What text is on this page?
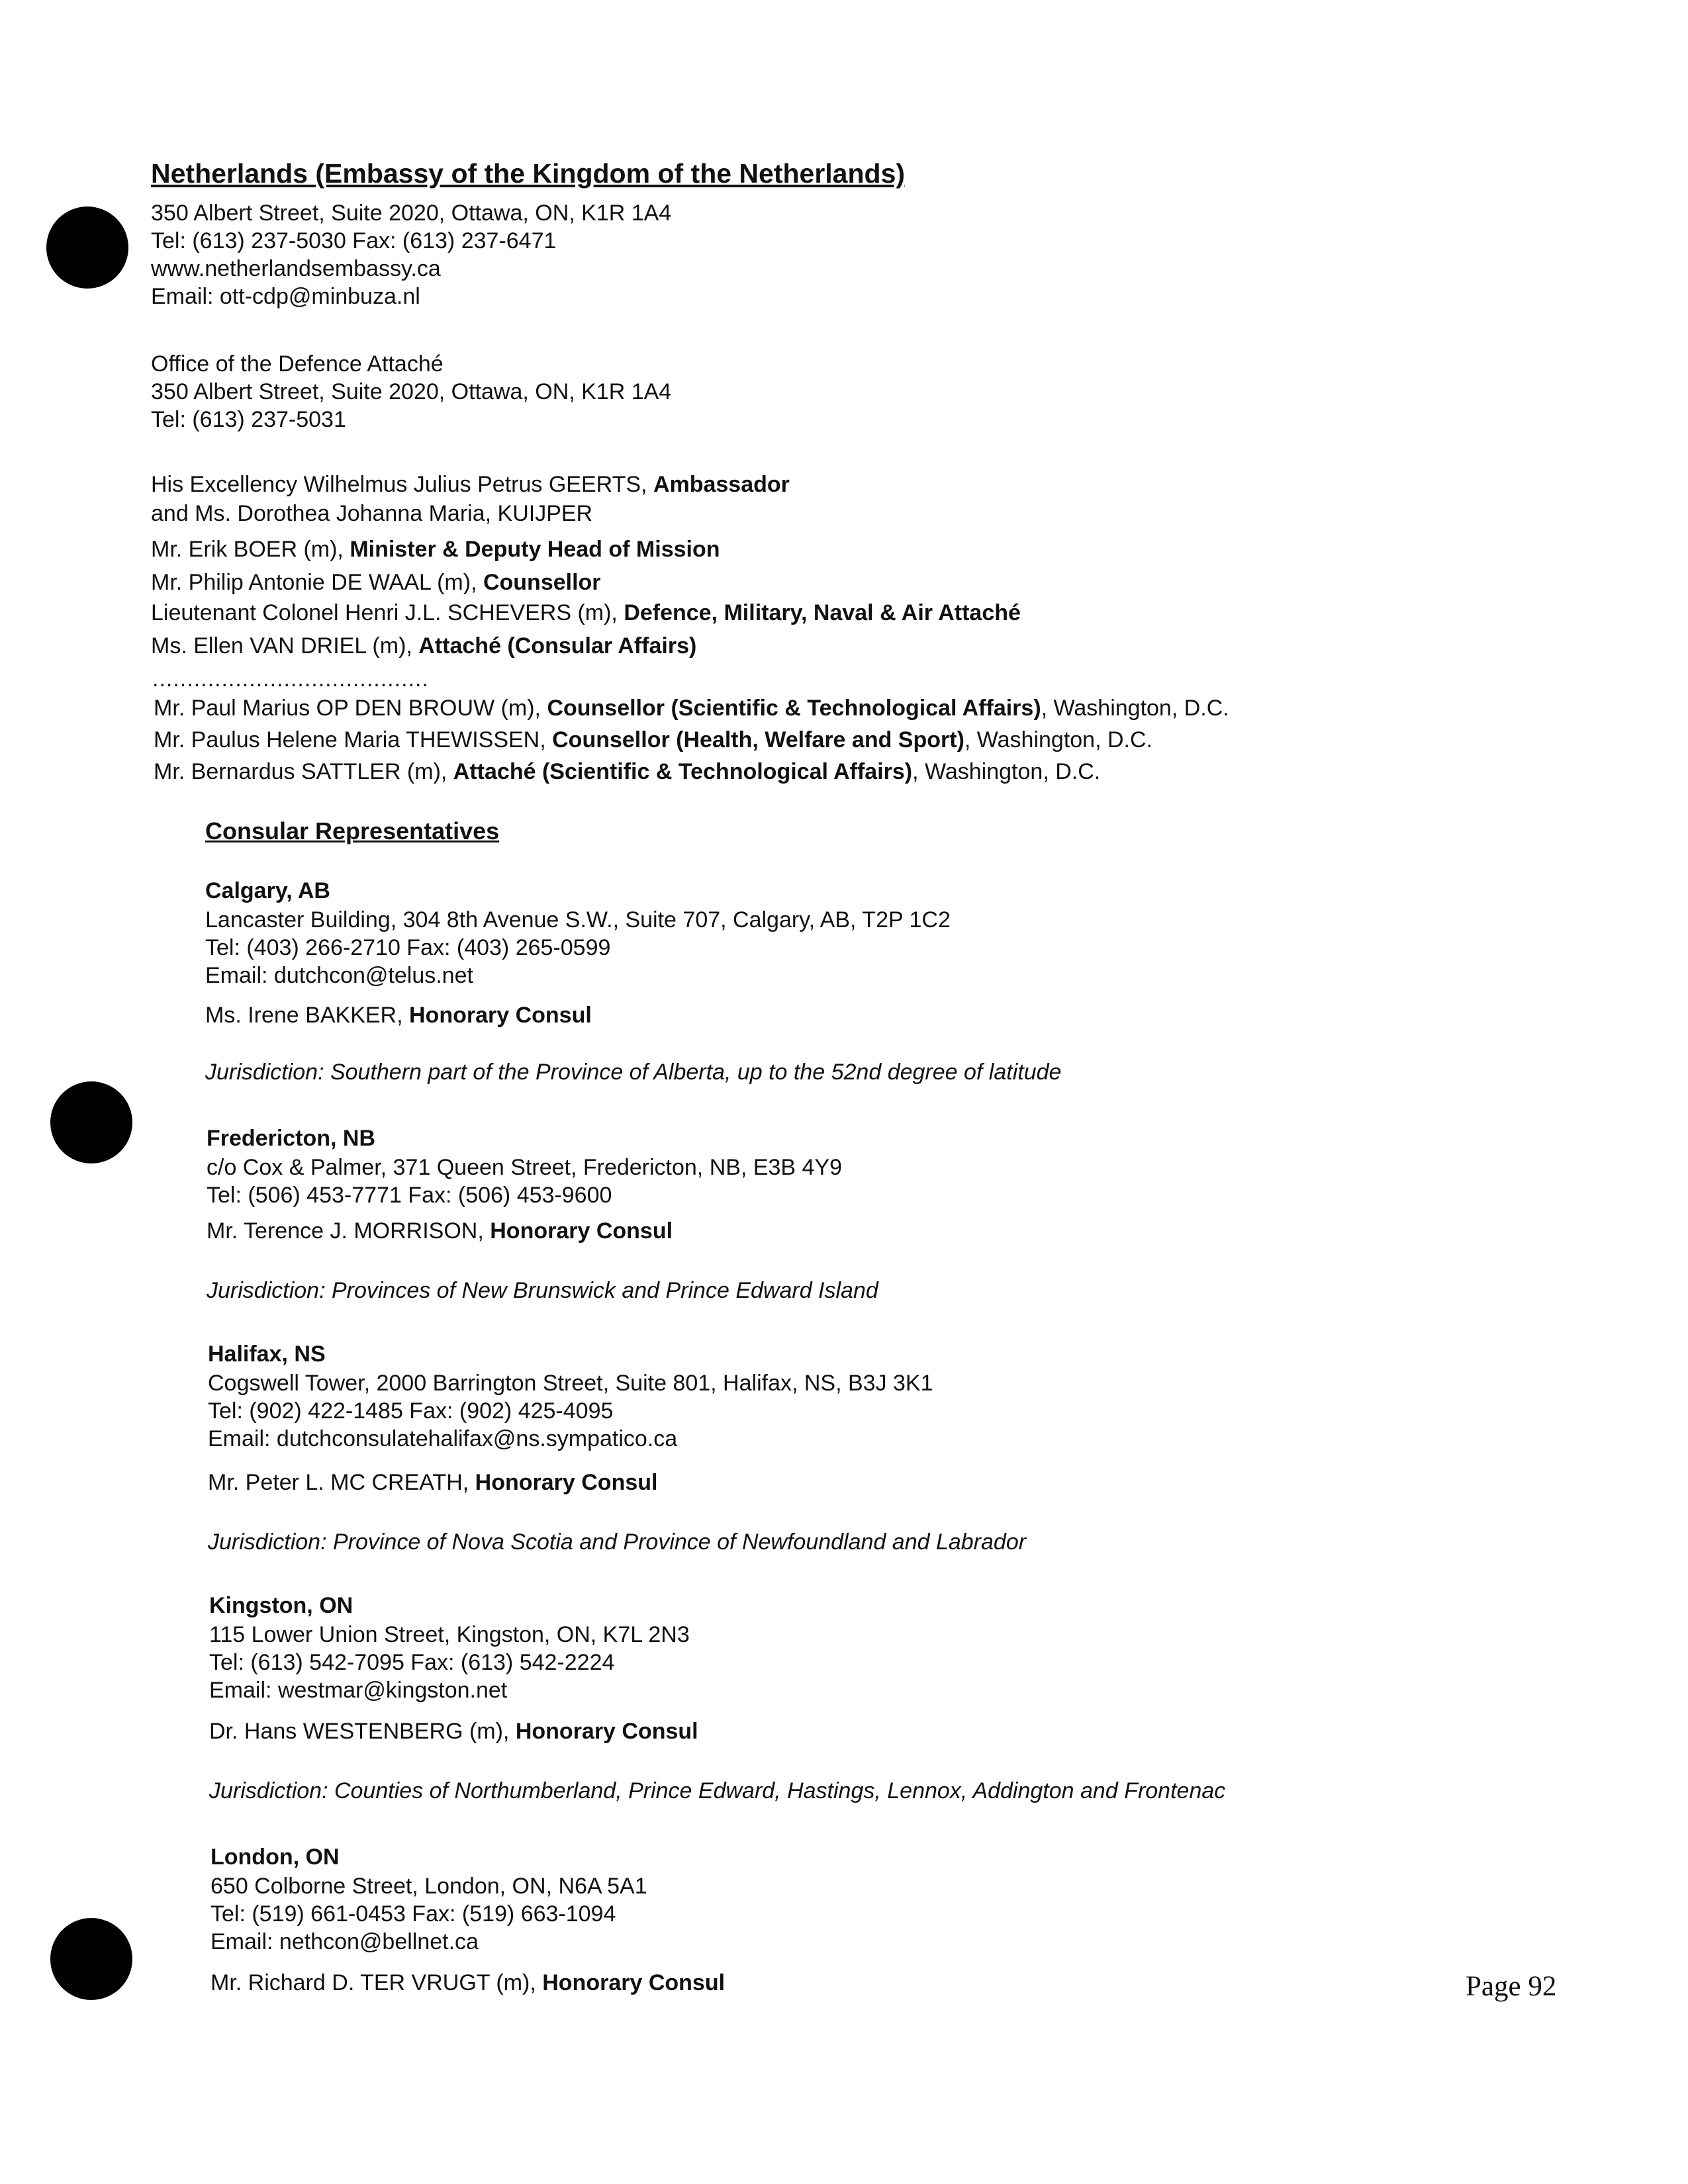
Netherlands (Embassy of the Kingdom of the Netherlands)
350 Albert Street, Suite 2020, Ottawa, ON, K1R 1A4
Tel: (613) 237-5030 Fax: (613) 237-6471
www.netherlandsembassy.ca
Email: ott-cdp@minbuza.nl
Office of the Defence Attaché
350 Albert Street, Suite 2020, Ottawa, ON, K1R 1A4
Tel: (613) 237-5031
His Excellency Wilhelmus Julius Petrus GEERTS, Ambassador
and Ms. Dorothea Johanna Maria, KUIJPER
Mr. Erik BOER (m), Minister & Deputy Head of Mission
Mr. Philip Antonie DE WAAL (m), Counsellor
Lieutenant Colonel Henri J.L. SCHEVERS (m), Defence, Military, Naval & Air Attaché
Ms. Ellen VAN DRIEL (m), Attaché (Consular Affairs)
........................................
Mr. Paul Marius OP DEN BROUW (m), Counsellor (Scientific & Technological Affairs), Washington, D.C.
Mr. Paulus Helene Maria THEWISSEN, Counsellor (Health, Welfare and Sport), Washington, D.C.
Mr. Bernardus SATTLER (m), Attaché (Scientific & Technological Affairs), Washington, D.C.
Consular Representatives
Calgary, AB
Lancaster Building, 304 8th Avenue S.W., Suite 707, Calgary, AB, T2P 1C2
Tel: (403) 266-2710 Fax: (403) 265-0599
Email: dutchcon@telus.net
Ms. Irene BAKKER, Honorary Consul
Jurisdiction: Southern part of the Province of Alberta, up to the 52nd degree of latitude
Fredericton, NB
c/o Cox & Palmer, 371 Queen Street, Fredericton, NB, E3B 4Y9
Tel: (506) 453-7771 Fax: (506) 453-9600
Mr. Terence J. MORRISON, Honorary Consul
Jurisdiction: Provinces of New Brunswick and Prince Edward Island
Halifax, NS
Cogswell Tower, 2000 Barrington Street, Suite 801, Halifax, NS, B3J 3K1
Tel: (902) 422-1485 Fax: (902) 425-4095
Email: dutchconsulatehalifax@ns.sympatico.ca
Mr. Peter L. MC CREATH, Honorary Consul
Jurisdiction: Province of Nova Scotia and Province of Newfoundland and Labrador
Kingston, ON
115 Lower Union Street, Kingston, ON, K7L 2N3
Tel: (613) 542-7095 Fax: (613) 542-2224
Email: westmar@kingston.net
Dr. Hans WESTENBERG (m), Honorary Consul
Jurisdiction: Counties of Northumberland, Prince Edward, Hastings, Lennox, Addington and Frontenac
London, ON
650 Colborne Street, London, ON, N6A 5A1
Tel: (519) 661-0453 Fax: (519) 663-1094
Email: nethcon@bellnet.ca
Mr. Richard D. TER VRUGT (m), Honorary Consul	Page 92
